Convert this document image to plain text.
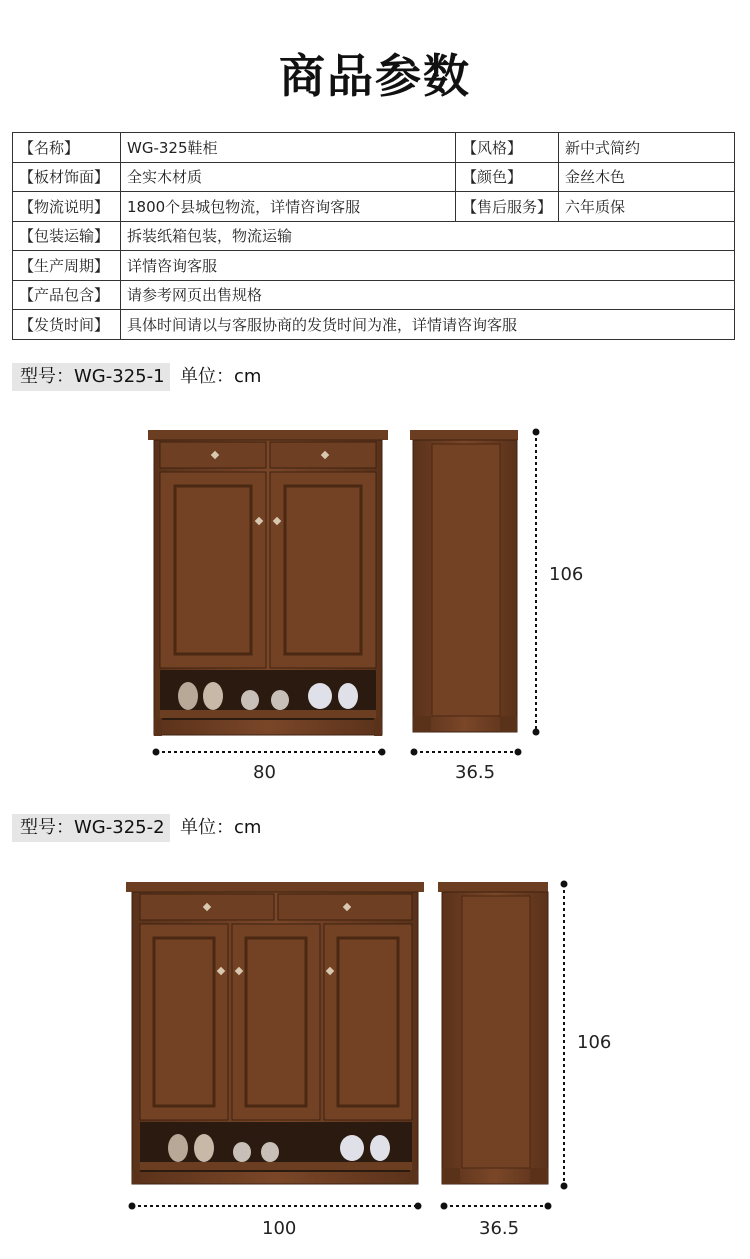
商品参数
【名称】	WG-325鞋柜	【风格】	新中式简约
【板材饰面】	全实木材质	【颜色】	金丝木色
【物流说明】	1800个县城包物流，详情咨询客服	【售后服务】	六年质保
【包装运输】	拆装纸箱包装，物流运输		
【生产周期】	详情咨询客服		
【产品包含】	请参考网页出售规格		
【发货时间】	具体时间请以与客服协商的发货时间为准，详情请咨询客服		
型号：WG-325-1 单位：cm
80	36.5
106
型号：WG-325-2 单位：cm
100	36.5
106
